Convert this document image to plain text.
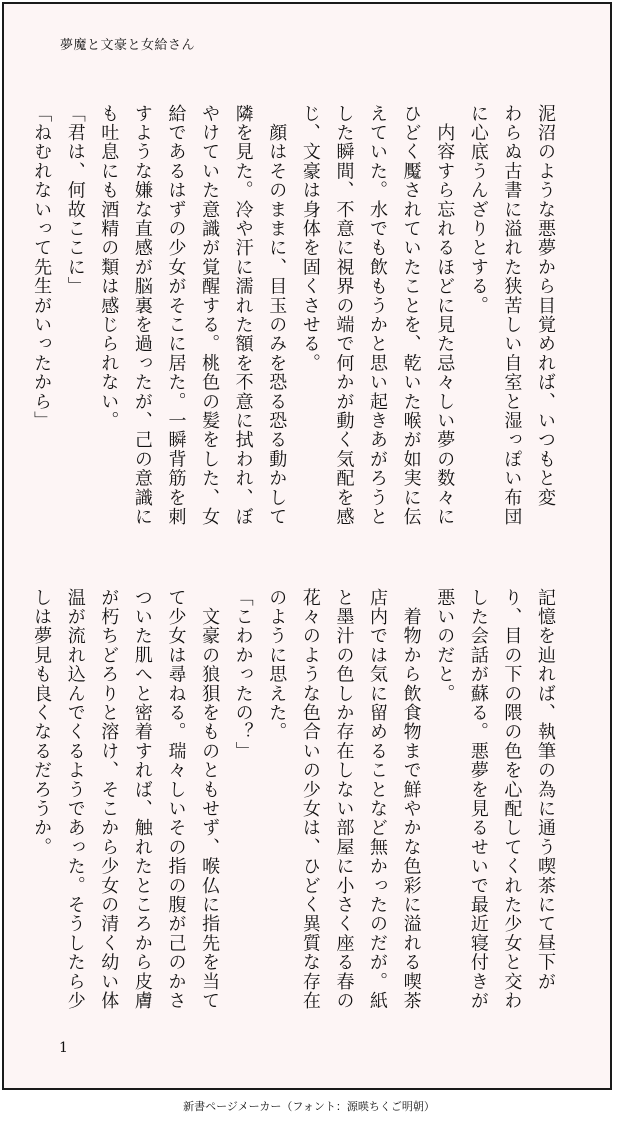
夢魔と文豪と女給さん

泥沼のような悪夢から目覚めれば、いつもと変
わらぬ古書に溢れた狭苦しい自室と湿っぽい布団
に心底うんざりとする。

　内容すら忘れるほどに見た忌々しい夢の数々に
ひどく魘されていたことを、乾いた喉が如実に伝
えていた。水でも飲もうかと思い起きあがろうと
した瞬間、不意に視界の端で何かが動く気配を感
じ、文豪は身体を固くさせる。

　顔はそのままに、目玉のみを恐る恐る動かして
隣を見た。冷や汗に濡れた額を不意に拭われ、ぼ
やけていた意識が覚醒する。桃色の髪をした、女
給であるはずの少女がそこに居た。一瞬背筋を刺
すような嫌な直感が脳裏を過ったが、己の意識に
も吐息にも酒精の類は感じられない。

「君は、何故ここに」

「ねむれないって先生がいったから」

記憶を辿れば、執筆の為に通う喫茶にて昼下が
り、目の下の隈の色を心配してくれた少女と交わ
した会話が蘇る。悪夢を見るせいで最近寝付きが
悪いのだと。

　着物から飲食物まで鮮やかな色彩に溢れる喫茶
店内では気に留めることなど無かったのだが。紙
と墨汁の色しか存在しない部屋に小さく座る春の
花々のような色合いの少女は、ひどく異質な存在
のように思えた。

「こわかったの？」

　文豪の狼狽をものともせず、喉仏に指先を当て
て少女は尋ねる。瑞々しいその指の腹が己のかさ
ついた肌へと密着すれば、触れたところから皮膚
が朽ちどろりと溶け、そこから少女の清く幼い体
温が流れ込んでくるようであった。そうしたら少
しは夢見も良くなるだろうか。

1
新書ページメーカー（フォント：源暎ちくご明朝）
